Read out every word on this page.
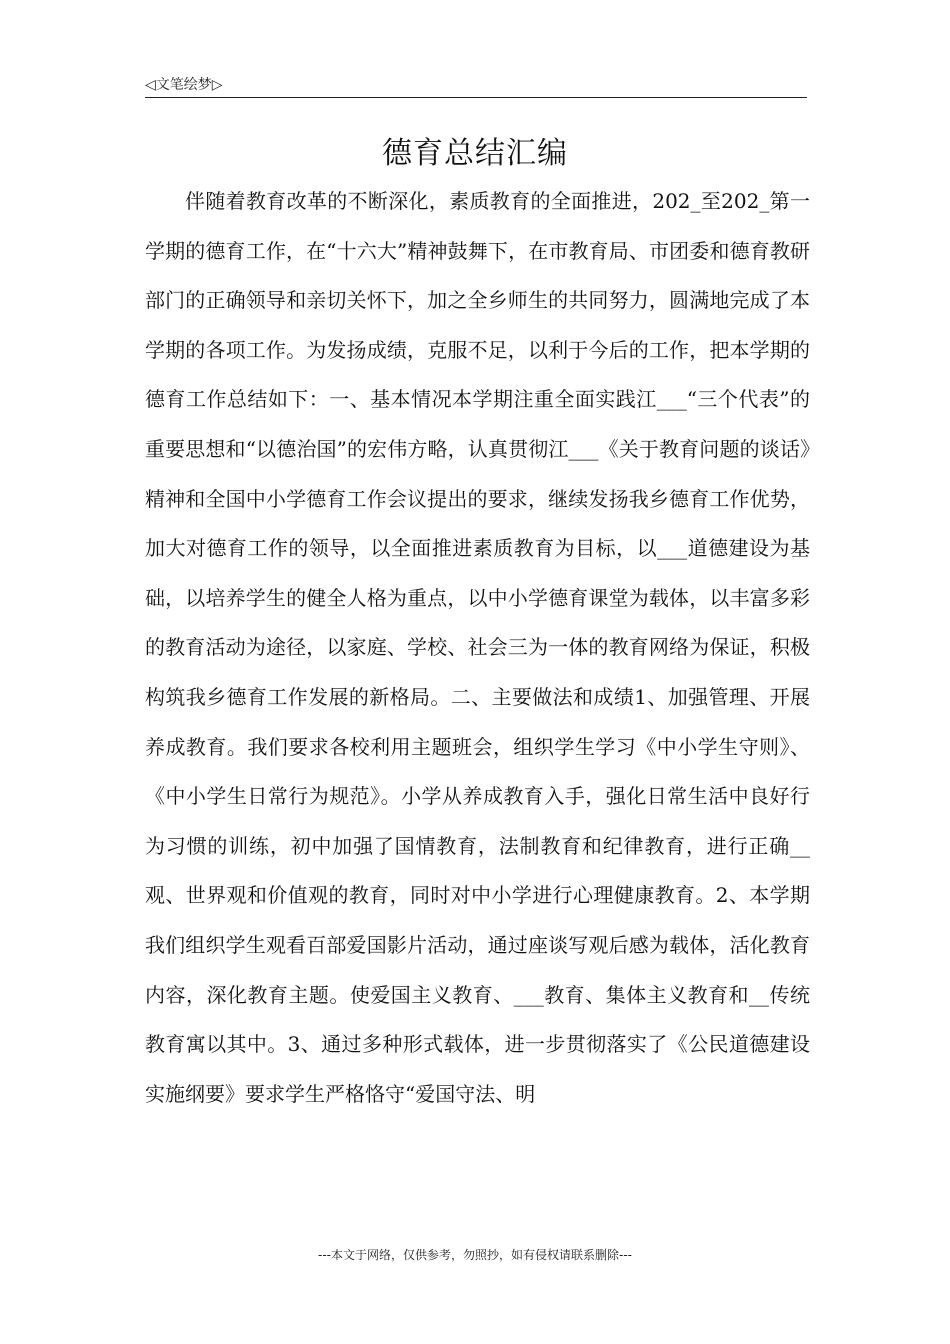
◁文笔绘梦▷
德育总结汇编

伴随着教育改革的不断深化，素质教育的全面推进，202_至202_第一学期的德育工作，在“十六大”精神鼓舞下，在市教育局、市团委和德育教研部门的正确领导和亲切关怀下，加之全乡师生的共同努力，圆满地完成了本学期的各项工作。为发扬成绩，克服不足，以利于今后的工作，把本学期的德育工作总结如下：一、基本情况本学期注重全面实践江___“三个代表”的重要思想和“以德治国”的宏伟方略，认真贯彻江___《关于教育问题的谈话》精神和全国中小学德育工作会议提出的要求，继续发扬我乡德育工作优势，加大对德育工作的领导，以全面推进素质教育为目标，以___道德建设为基础，以培养学生的健全人格为重点，以中小学德育课堂为载体，以丰富多彩的教育活动为途径，以家庭、学校、社会三为一体的教育网络为保证，积极构筑我乡德育工作发展的新格局。二、主要做法和成绩1、加强管理、开展养成教育。我们要求各校利用主题班会，组织学生学习《中小学生守则》、《中小学生日常行为规范》。小学从养成教育入手，强化日常生活中良好行为习惯的训练，初中加强了国情教育，法制教育和纪律教育，进行正确__观、世界观和价值观的教育，同时对中小学进行心理健康教育。2、本学期我们组织学生观看百部爱国影片活动，通过座谈写观后感为载体，活化教育内容，深化教育主题。使爱国主义教育、___教育、集体主义教育和__传统教育寓以其中。3、通过多种形式载体，进一步贯彻落实了《公民道德建设实施纲要》要求学生严格恪守“爱国守法、明

---本文于网络，仅供参考，勿照抄，如有侵权请联系删除---
